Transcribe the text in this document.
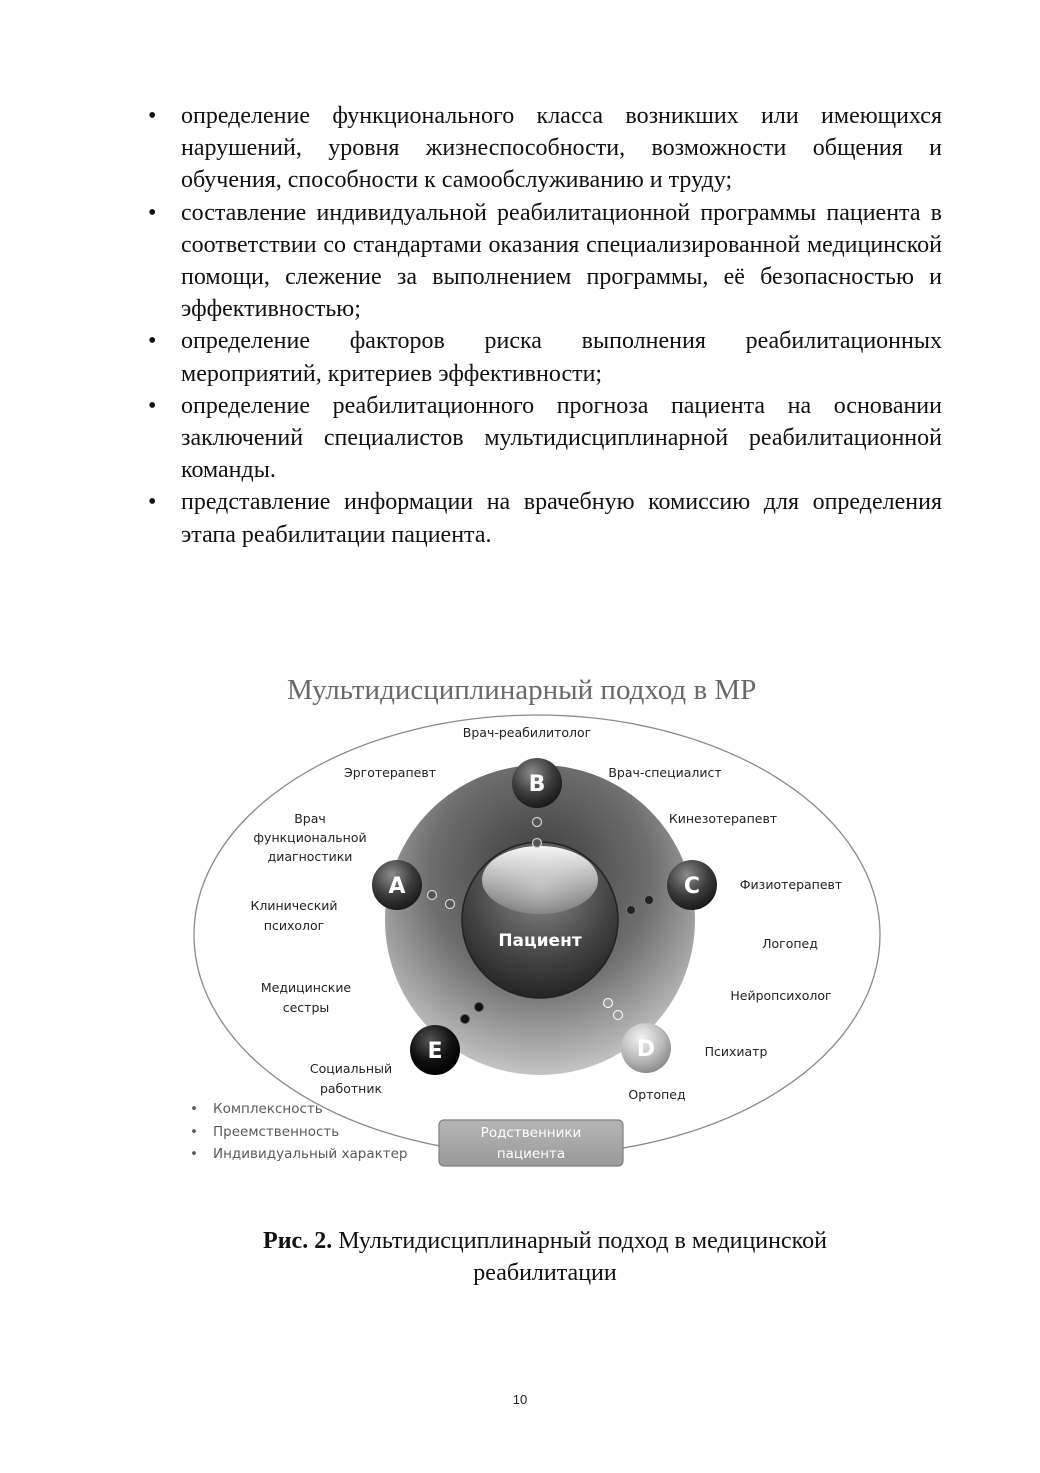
• определение функционального класса возникших или имеющихся нарушений, уровня жизнеспособности, возможности общения и обучения, способности к самообслуживанию и труду;
• составление индивидуальной реабилитационной программы пациента в соответствии со стандартами оказания специализированной медицинской помощи, слежение за выполнением программы, её безопасностью и эффективностью;
• определение факторов риска выполнения реабилитационных мероприятий, критериев эффективности;
• определение реабилитационного прогноза пациента на основании заключений специалистов мультидисциплинарной реабилитационной команды.
• представление информации на врачебную комиссию для определения этапа реабилитации пациента.
Мультидисциплинарный подход в МР
Пациент
B
A	C
D
E
Врач-реабилитолог
Эрготерапевт	Врач-специалист
Врач
функциональной
диагностики
Кинезотерапевт
Физиотерапевт
Клинический
психолог
Логопед
Медицинские
сестры
Нейропсихолог
Психиатр
Социальный
работник	Ортопед
• Комплексность
• Преемственность
• Индивидуальный характер
Родственники
пациента
Рис. 2. Мультидисциплинарный подход в медицинской
реабилитации
10
